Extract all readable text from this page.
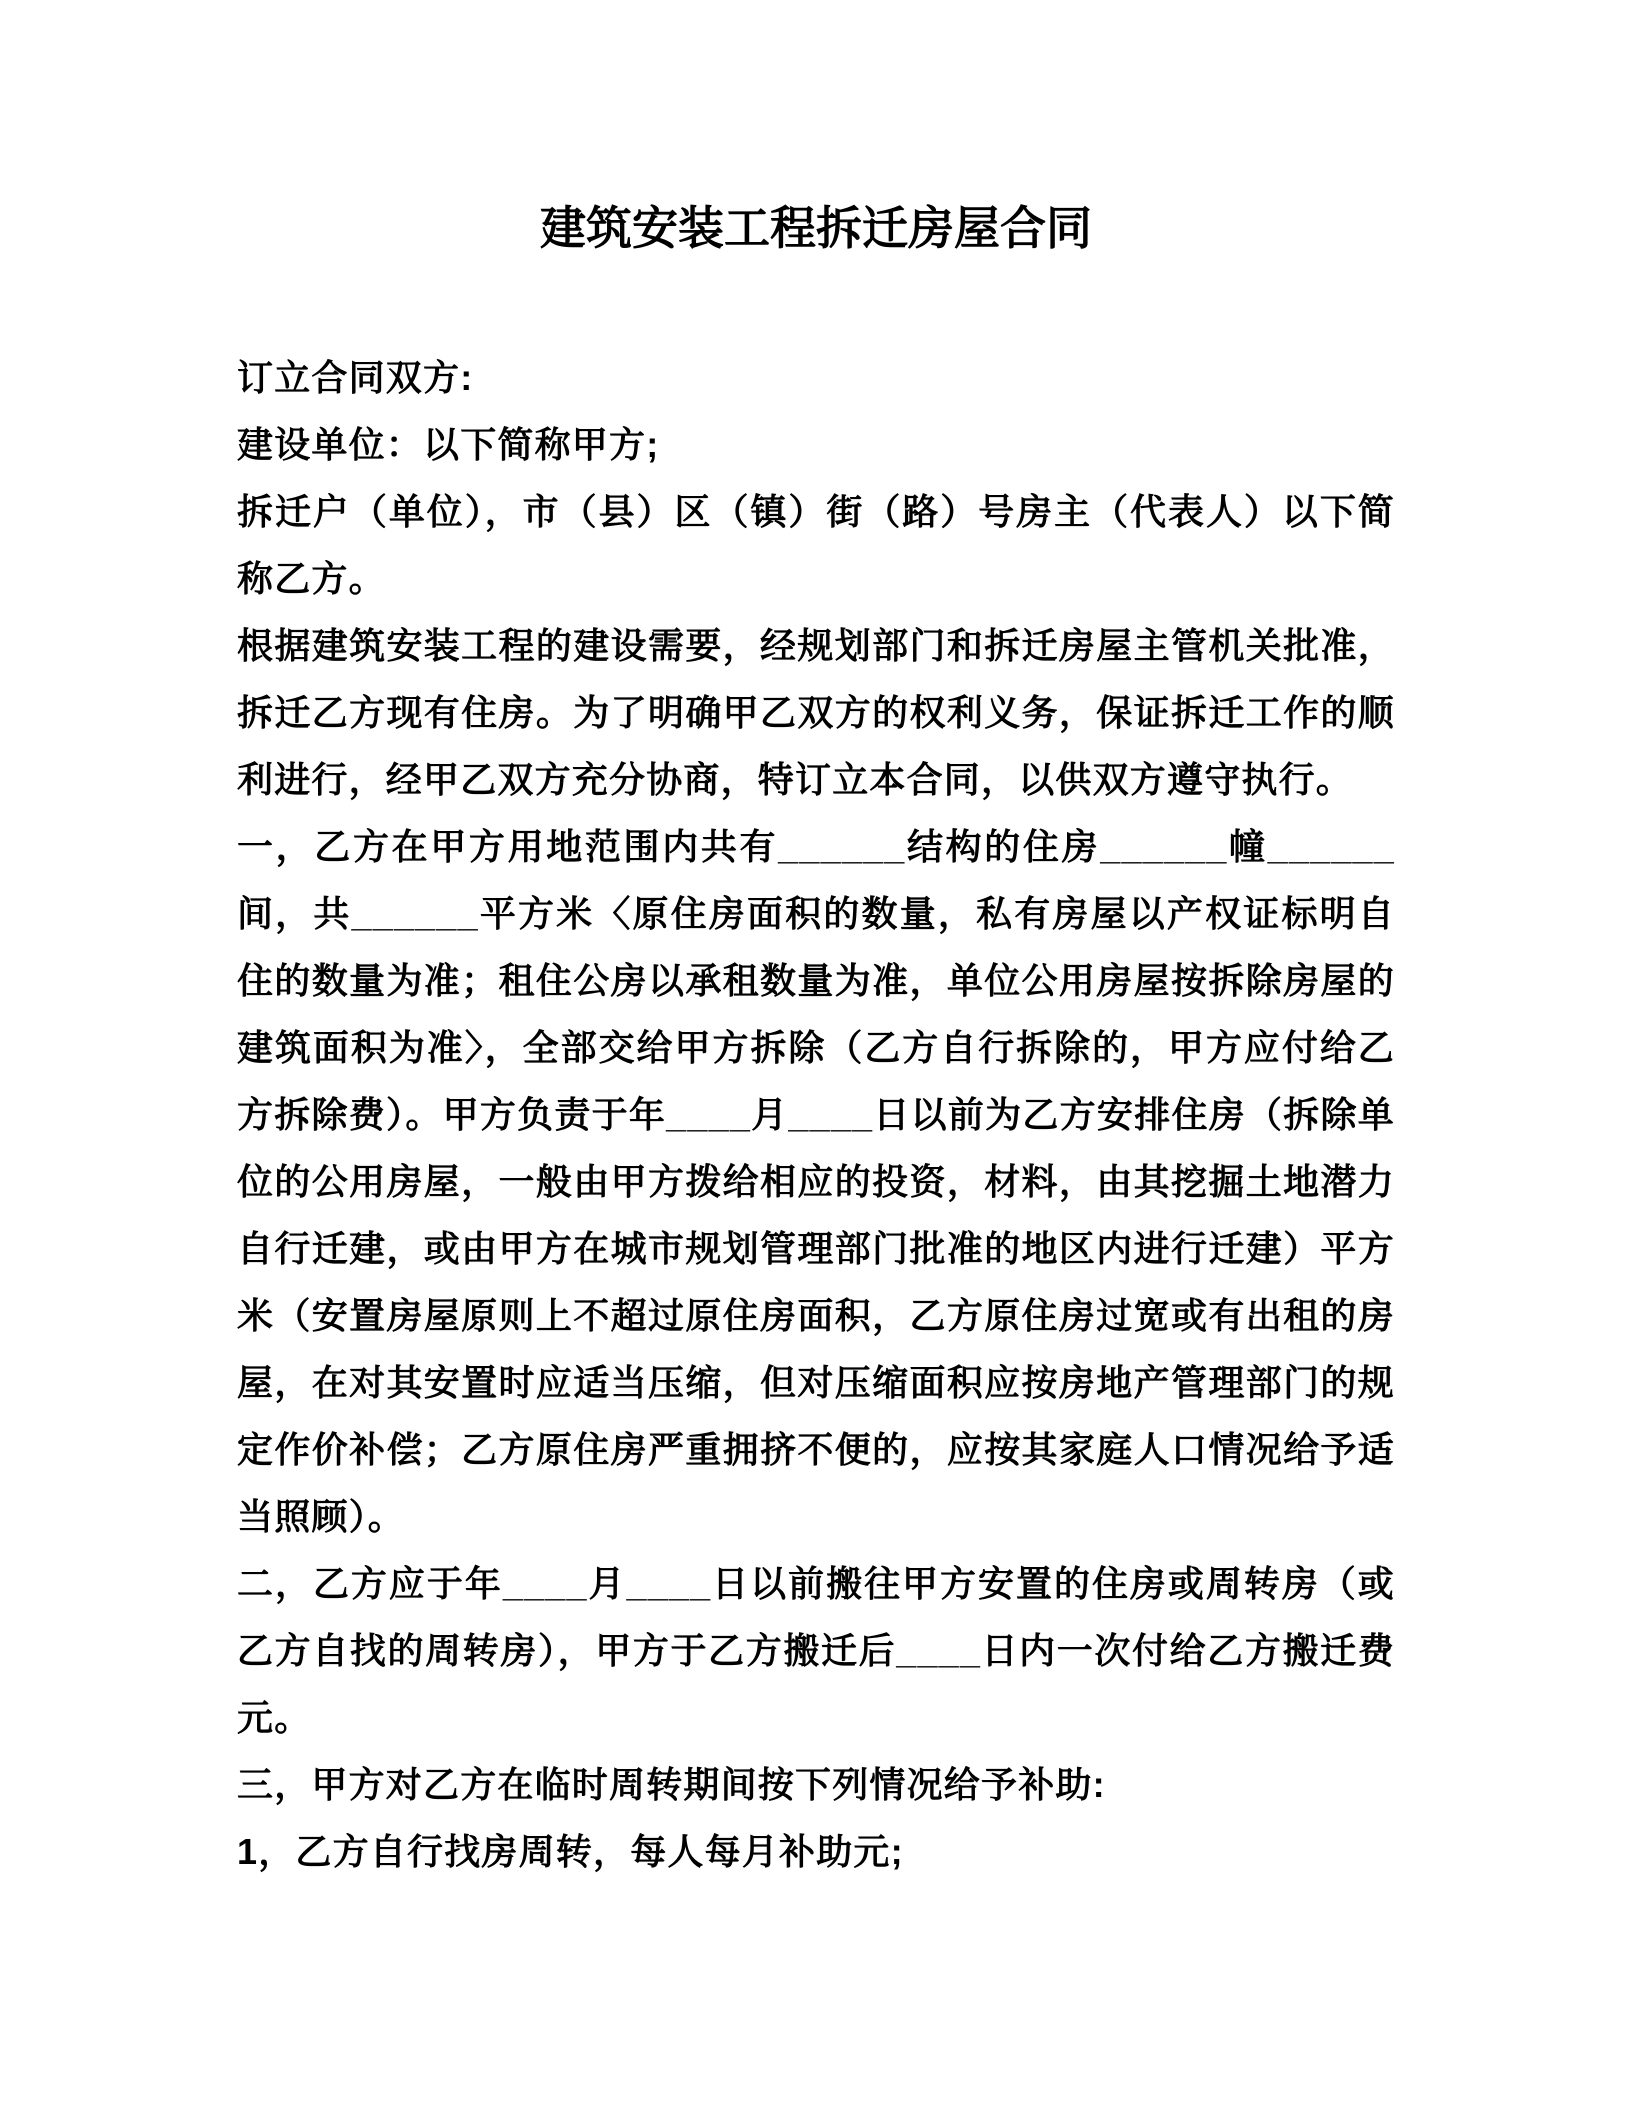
建筑安装工程拆迁房屋合同

订立合同双方:

建设单位：以下简称甲方;

拆迁户（单位），市（县）区（镇）街（路）号房主（代表人）以下简称乙方。

根据建筑安装工程的建设需要，经规划部门和拆迁房屋主管机关批准，拆迁乙方现有住房。为了明确甲乙双方的权利义务，保证拆迁工作的顺利进行，经甲乙双方充分协商，特订立本合同，以供双方遵守执行。

一，乙方在甲方用地范围内共有______结构的住房______幢______间，共______平方米〈原住房面积的数量，私有房屋以产权证标明自住的数量为准；租住公房以承租数量为准，单位公用房屋按拆除房屋的建筑面积为准〉，全部交给甲方拆除（乙方自行拆除的，甲方应付给乙方拆除费）。甲方负责于年____月____日以前为乙方安排住房（拆除单位的公用房屋，一般由甲方拨给相应的投资，材料，由其挖掘土地潜力自行迁建，或由甲方在城市规划管理部门批准的地区内进行迁建）平方米（安置房屋原则上不超过原住房面积，乙方原住房过宽或有出租的房屋，在对其安置时应适当压缩，但对压缩面积应按房地产管理部门的规定作价补偿；乙方原住房严重拥挤不便的，应按其家庭人口情况给予适当照顾）。

二，乙方应于年____月____日以前搬往甲方安置的住房或周转房（或乙方自找的周转房），甲方于乙方搬迁后____日内一次付给乙方搬迁费元。

三，甲方对乙方在临时周转期间按下列情况给予补助:

1，乙方自行找房周转，每人每月补助元;
